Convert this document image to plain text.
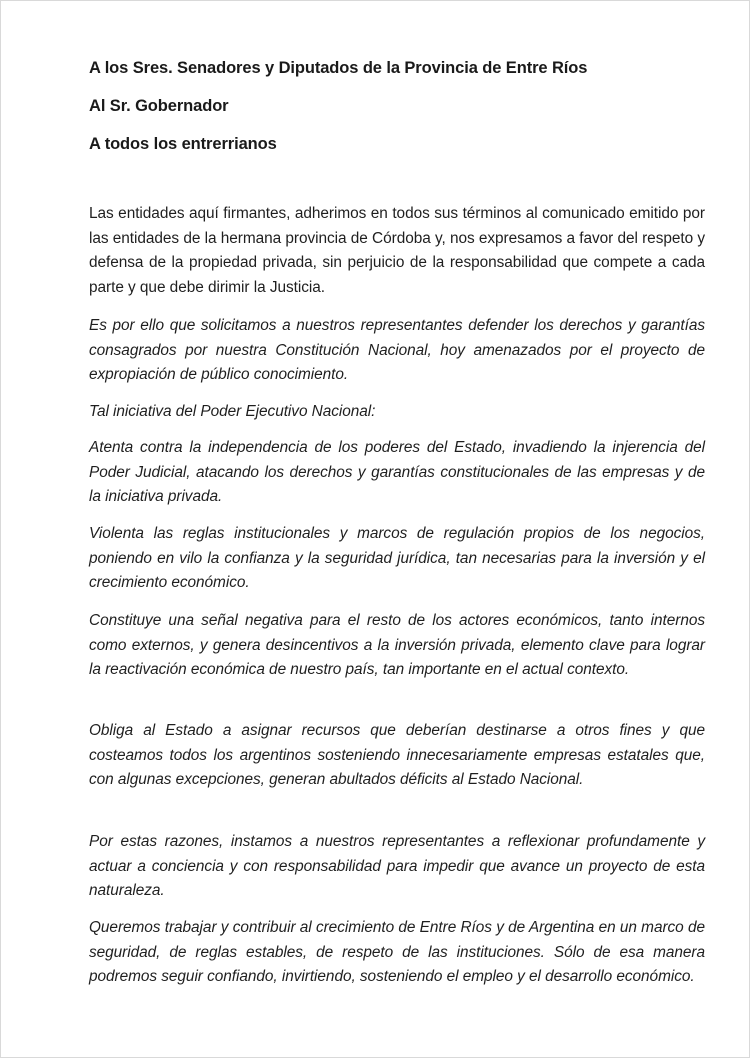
A los Sres. Senadores y Diputados de la Provincia de Entre Ríos
Al Sr. Gobernador
A todos los entrerrianos

Las entidades aquí firmantes, adherimos en todos sus términos al comunicado emitido por las entidades de la hermana provincia de Córdoba y, nos expresamos a favor del respeto y defensa de la propiedad privada, sin perjuicio de la responsabilidad que compete a cada parte y que debe dirimir la Justicia.

Es por ello que solicitamos a nuestros representantes defender los derechos y garantías consagrados por nuestra Constitución Nacional, hoy amenazados por el proyecto de expropiación de público conocimiento.

Tal iniciativa del Poder Ejecutivo Nacional:

Atenta contra la independencia de los poderes del Estado, invadiendo la injerencia del Poder Judicial, atacando los derechos y garantías constitucionales de las empresas y de la iniciativa privada.

Violenta las reglas institucionales y marcos de regulación propios de los negocios, poniendo en vilo la confianza y la seguridad jurídica, tan necesarias para la inversión y el crecimiento económico.

Constituye una señal negativa para el resto de los actores económicos, tanto internos como externos, y genera desincentivos a la inversión privada, elemento clave para lograr la reactivación económica de nuestro país, tan importante en el actual contexto.

Obliga al Estado a asignar recursos que deberían destinarse a otros fines y que costeamos todos los argentinos sosteniendo innecesariamente empresas estatales que, con algunas excepciones, generan abultados déficits al Estado Nacional.

Por estas razones, instamos a nuestros representantes a reflexionar profundamente y actuar a conciencia y con responsabilidad para impedir que avance un proyecto de esta naturaleza.

Queremos trabajar y contribuir al crecimiento de Entre Ríos y de Argentina en un marco de seguridad, de reglas estables, de respeto de las instituciones. Sólo de esa manera podremos seguir confiando, invirtiendo, sosteniendo el empleo y el desarrollo económico.
